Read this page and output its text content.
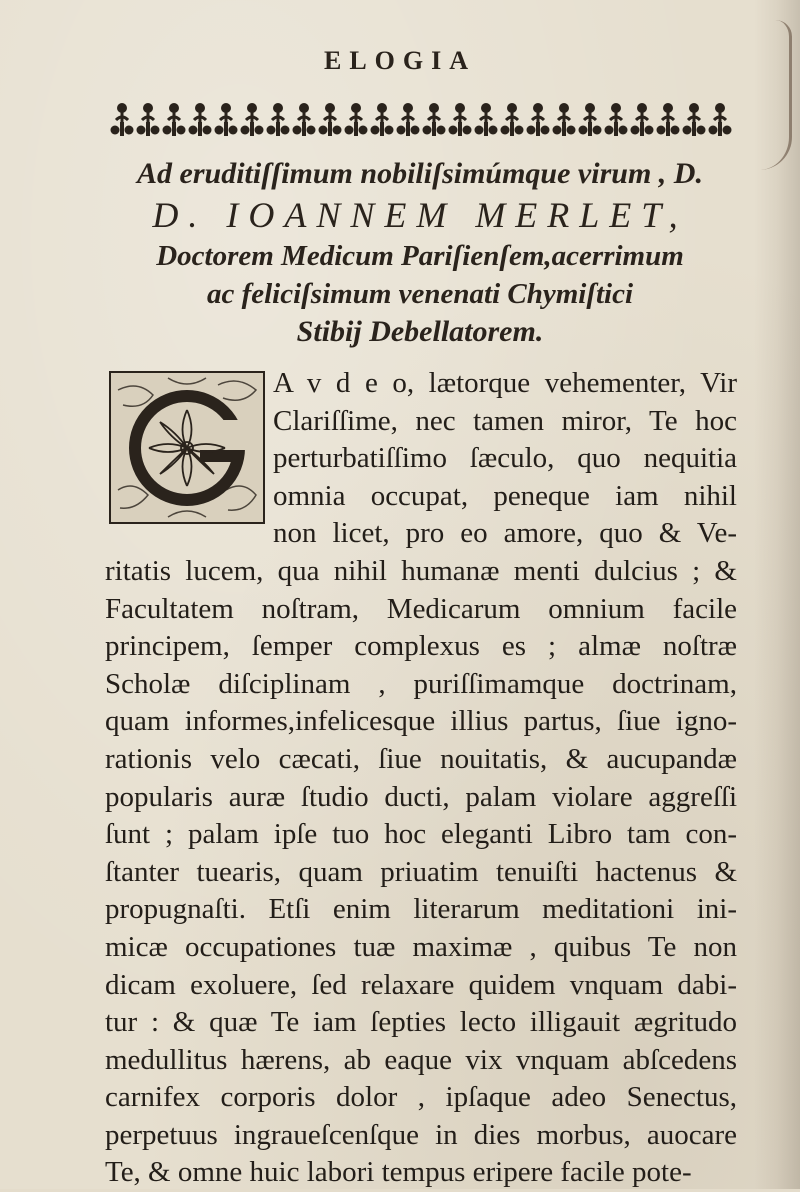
ELOGIA
Ad eruditiſſimum nobiliſsimúmque virum , D.
D. IOANNEM MERLET,
Doctorem Medicum Pariſienſem,acerrimum
ac feliciſsimum venenati Chymiſtici
Stibij Debellatorem.
A v d e o, lætorque vehementer, Vir
Clariſſime, nec tamen miror, Te hoc
perturbatiſſimo ſæculo, quo nequitia
omnia occupat, peneque iam nihil
non licet, pro eo amore, quo & Ve-
ritatis lucem, qua nihil humanæ menti dulcius ; &
Facultatem noſtram, Medicarum omnium facile
principem, ſemper complexus es ; almæ noſtræ
Scholæ diſciplinam , puriſſimamque doctrinam,
quam informes,infelicesque illius partus, ſiue igno-
rationis velo cæcati, ſiue nouitatis, & aucupandæ
popularis auræ ſtudio ducti, palam violare aggreſſi
ſunt ; palam ipſe tuo hoc eleganti Libro tam con-
ſtanter tuearis, quam priuatim tenuiſti hactenus &
propugnaſti. Etſi enim literarum meditationi ini-
micæ occupationes tuæ maximæ , quibus Te non
dicam exoluere, ſed relaxare quidem vnquam dabi-
tur : & quæ Te iam ſepties lecto illigauit ægritudo
medullitus hærens, ab eaque vix vnquam abſcedens
carnifex corporis dolor , ipſaque adeo Senectus,
perpetuus ingraueſcenſque in dies morbus, auocare
Te, & omne huic labori tempus eripere facile pote-
